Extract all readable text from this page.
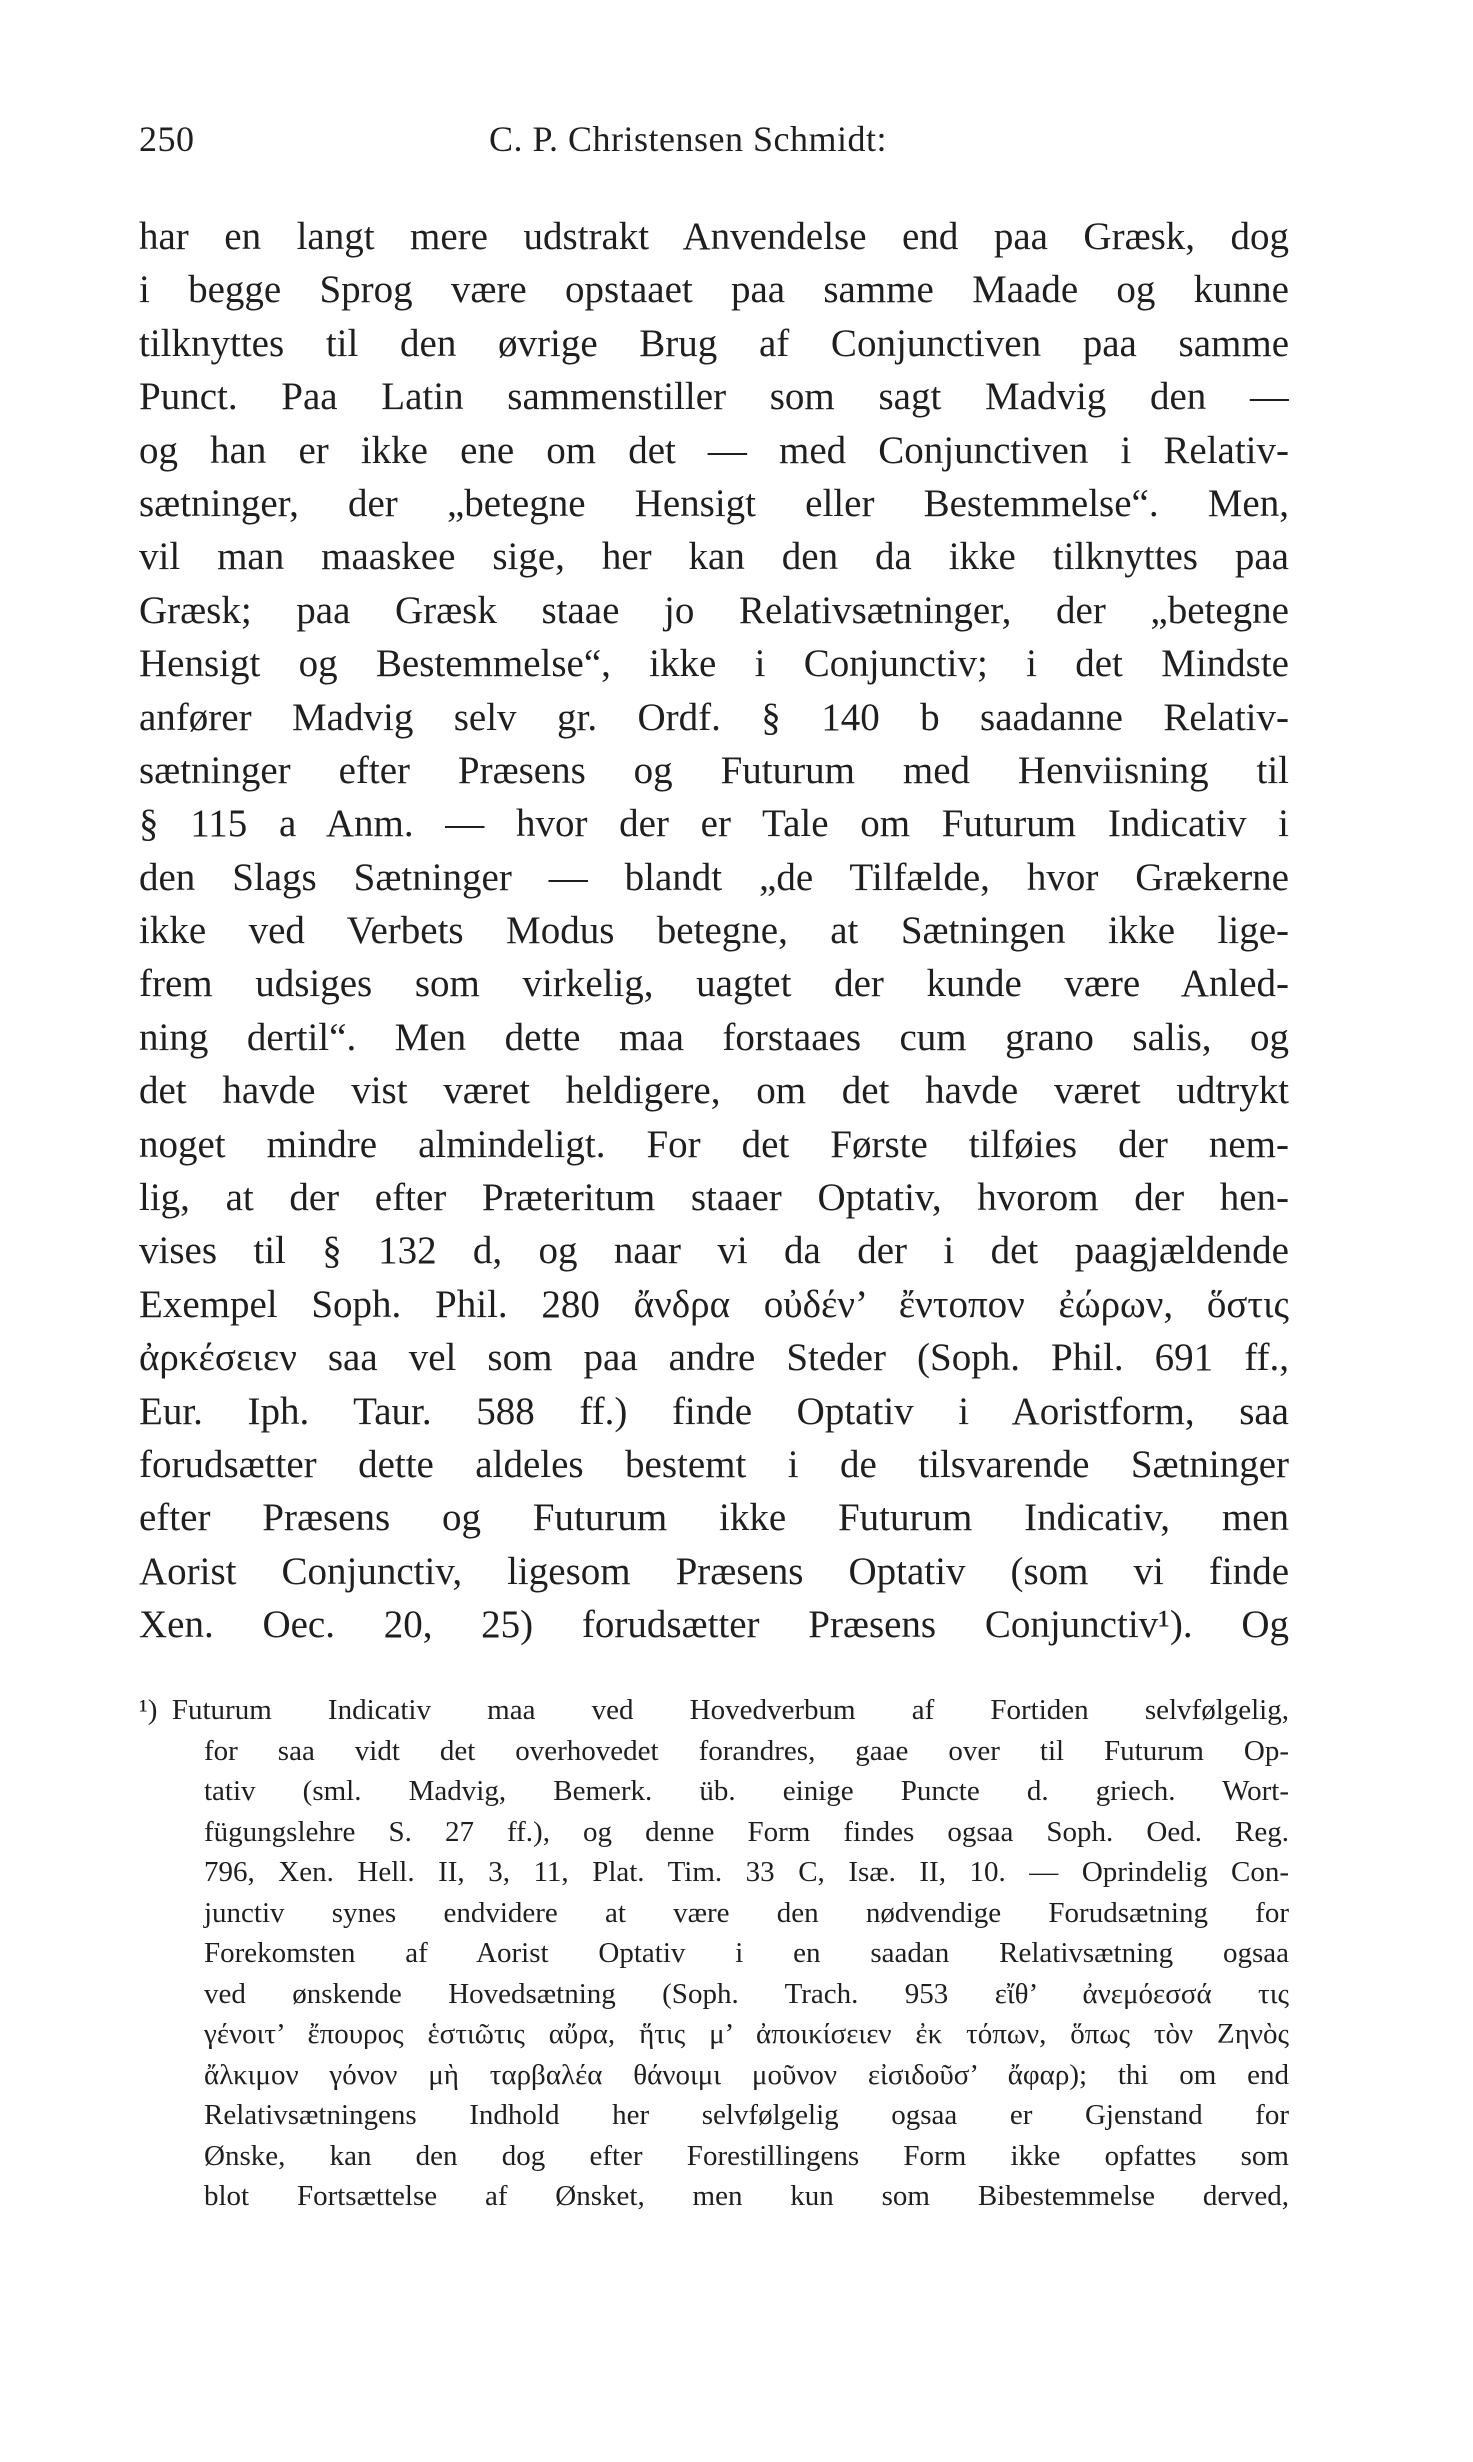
250	C. P. Christensen Schmidt:
har en langt mere udstrakt Anvendelse end paa Græsk, dog
i begge Sprog være opstaaet paa samme Maade og kunne
tilknyttes til den øvrige Brug af Conjunctiven paa samme
Punct. Paa Latin sammenstiller som sagt Madvig den —
og han er ikke ene om det — med Conjunctiven i Relativ-
sætninger, der „betegne Hensigt eller Bestemmelse“. Men,
vil man maaskee sige, her kan den da ikke tilknyttes paa
Græsk; paa Græsk staae jo Relativsætninger, der „betegne
Hensigt og Bestemmelse“, ikke i Conjunctiv; i det Mindste
anfører Madvig selv gr. Ordf. § 140 b saadanne Relativ-
sætninger efter Præsens og Futurum med Henviisning til
§ 115 a Anm. — hvor der er Tale om Futurum Indicativ i
den Slags Sætninger — blandt „de Tilfælde, hvor Grækerne
ikke ved Verbets Modus betegne, at Sætningen ikke lige-
frem udsiges som virkelig, uagtet der kunde være Anled-
ning dertil“. Men dette maa forstaaes cum grano salis, og
det havde vist været heldigere, om det havde været udtrykt
noget mindre almindeligt. For det Første tilføies der nem-
lig, at der efter Præteritum staaer Optativ, hvorom der hen-
vises til § 132 d, og naar vi da der i det paagjældende
Exempel Soph. Phil. 280 ἄνδρα οὐδέν’ ἔντοπον ἐώρων, ὅστις
ἀρκέσειεν saa vel som paa andre Steder (Soph. Phil. 691 ff.,
Eur. Iph. Taur. 588 ff.) finde Optativ i Aoristform, saa
forudsætter dette aldeles bestemt i de tilsvarende Sætninger
efter Præsens og Futurum ikke Futurum Indicativ, men
Aorist Conjunctiv, ligesom Præsens Optativ (som vi finde
Xen. Oec. 20, 25) forudsætter Præsens Conjunctiv¹). Og
¹)  Futurum Indicativ maa ved Hovedverbum af Fortiden selvfølgelig,
for saa vidt det overhovedet forandres, gaae over til Futurum Op-
tativ (sml. Madvig, Bemerk. üb. einige Puncte d. griech. Wort-
fügungslehre S. 27 ff.), og denne Form findes ogsaa Soph. Oed. Reg.
796, Xen. Hell. II, 3, 11, Plat. Tim. 33 C, Isæ. II, 10. — Oprindelig Con-
junctiv synes endvidere at være den nødvendige Forudsætning for
Forekomsten af Aorist Optativ i en saadan Relativsætning ogsaa
ved ønskende Hovedsætning (Soph. Trach. 953 εἴθ’ ἀνεμόεσσά τις
γένοιτ’ ἔπουρος ἑστιῶτις αὔρα, ἥτις μ’ ἀποικίσειεν ἐκ τόπων, ὅπως τὸν Ζηνὸς
ἄλκιμον γόνον μὴ ταρβαλέα θάνοιμι μοῦνον εἰσιδοῦσ’ ἄφαρ); thi om end
Relativsætningens Indhold her selvfølgelig ogsaa er Gjenstand for
Ønske, kan den dog efter Forestillingens Form ikke opfattes som
blot Fortsættelse af Ønsket, men kun som Bibestemmelse derved,
